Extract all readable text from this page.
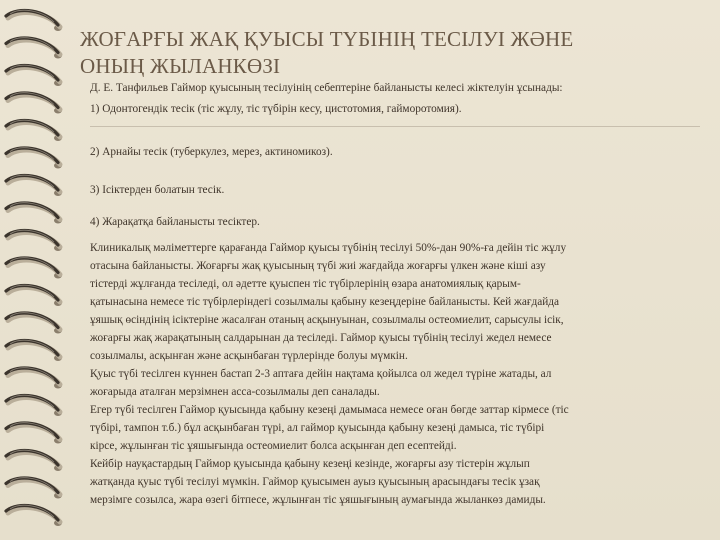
ЖОҒАРҒЫ ЖАҚ ҚУЫСЫ ТҮБІНІҢ ТЕСІЛУІ ЖӘНЕ
ОНЫҢ ЖЫЛАНКӨЗІ
Д. Е. Танфильев Гаймор қуысының тесілуінің себептеріне байланысты келесі жіктелуін ұсынады:
1) Одонтогендік тесік (тіс жұлу, тіс түбірін кесу, цистотомия, гайморотомия).
2) Арнайы тесік (туберкулез, мерез, актиномикоз).
3) Ісіктерден болатын тесік.
4) Жарақатқа байланысты тесіктер.
Клиникалық мәліметтерге қарағанда Гаймор қуысы түбінің тесілуі 50%-дан 90%-ға дейін тіс жұлу
отасына байланысты. Жоғарғы жақ қуысының түбі жиі жағдайда жоғарғы үлкен және кіші азу
тістерді жұлғанда тесіледі, ол әдетте қуыспен тіс түбірлерінің өзара анатомиялық қарым-
қатынасына немесе тіс түбірлеріндегі созылмалы қабыну кезеңдеріне байланысты. Кей жағдайда
ұяшық өсіндінің ісіктеріне жасалған отаның асқынуынан, созылмалы остеомиелит, сарысулы ісік,
жоғарғы жақ жарақатының салдарынан да тесіледі. Гаймор қуысы түбінің тесілуі жедел немесе
созылмалы, асқынған және асқынбаған түрлерінде болуы мүмкін.
Қуыс түбі тесілген күннен бастап 2-3 аптаға дейін нақтама қойылса ол жедел түріне жатады, ал
жоғарыда аталған мерзімнен асса-созылмалы деп саналады.
Егер түбі тесілген Гаймор қуысында қабыну кезеңі дамымаса немесе оған бөгде заттар кірмесе (тіс
түбірі, тампон т.б.) бұл асқынбаған түрі, ал гаймор қуысында қабыну кезеңі дамыса, тіс түбірі
кірсе, жұлынған тіс ұяшығында остеомиелит болса асқынған деп есептейді.
Кейбір науқастардың Гаймор қуысында қабыну кезеңі кезінде, жоғарғы азу тістерін жұлып
жатқанда қуыс түбі тесілуі мүмкін. Гаймор қуысымен ауыз қуысының арасындағы тесік ұзақ
мерзімге созылса, жара өзегі бітпесе, жұлынған тіс ұяшығының аумағында жыланкөз дамиды.
